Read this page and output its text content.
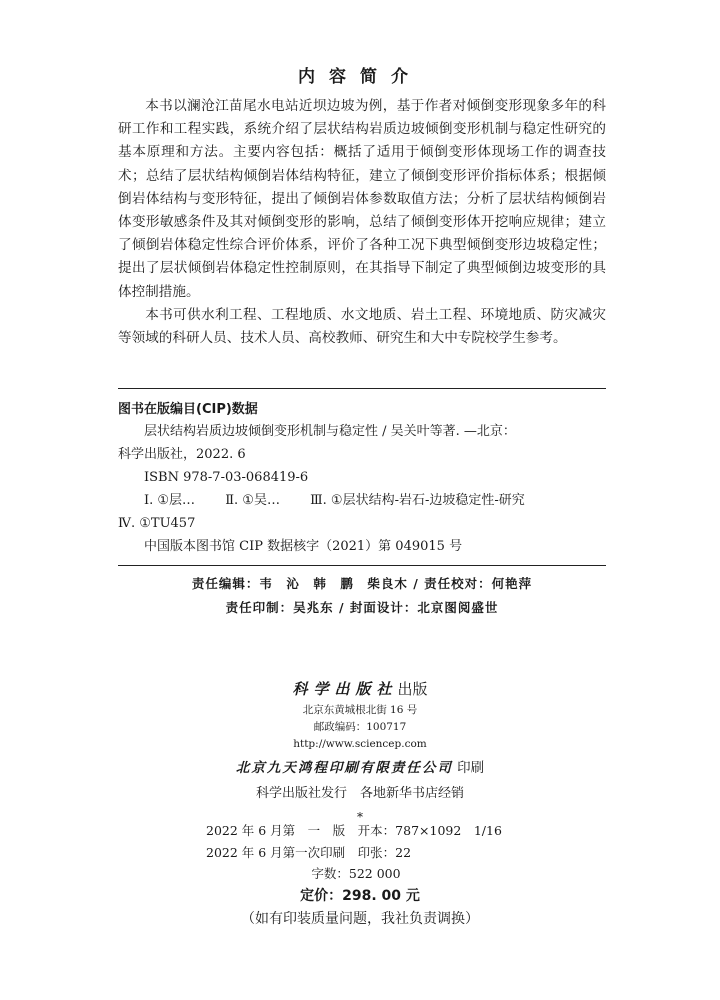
内容简介

本书以澜沧江苗尾水电站近坝边坡为例，基于作者对倾倒变形现象多年的科研工作和工程实践，系统介绍了层状结构岩质边坡倾倒变形机制与稳定性研究的基本原理和方法。主要内容包括：概括了适用于倾倒变形体现场工作的调查技术；总结了层状结构倾倒岩体结构特征，建立了倾倒变形评价指标体系；根据倾倒岩体结构与变形特征，提出了倾倒岩体参数取值方法；分析了层状结构倾倒岩体变形敏感条件及其对倾倒变形的影响，总结了倾倒变形体开挖响应规律；建立了倾倒岩体稳定性综合评价体系，评价了各种工况下典型倾倒变形边坡稳定性；提出了层状倾倒岩体稳定性控制原则，在其指导下制定了典型倾倒边坡变形的具体控制措施。

本书可供水利工程、工程地质、水文地质、岩土工程、环境地质、防灾减灾等领域的科研人员、技术人员、高校教师、研究生和大中专院校学生参考。

图书在版编目(CIP)数据
层状结构岩质边坡倾倒变形机制与稳定性 / 吴关叶等著. —北京：
科学出版社，2022. 6
ISBN 978-7-03-068419-6
Ⅰ. ①层… Ⅱ. ①吴… Ⅲ. ①层状结构-岩石-边坡稳定性-研究
Ⅳ. ①TU457
中国版本图书馆 CIP 数据核字（2021）第 049015 号
责任编辑：韦　沁　韩　鹏　柴良木 / 责任校对：何艳萍
责任印制：吴兆东 / 封面设计：北京图阅盛世
科学出版社出版
北京东黄城根北街 16 号
邮政编码：100717
http://www.sciencep.com
北京九天鸿程印刷有限责任公司 印刷
科学出版社发行　各地新华书店经销
*
2022 年 6 月第　一　版　开本：787×1092　1/16
2022 年 6 月第一次印刷　印张：22
字数：522 000
定价：298. 00 元
（如有印装质量问题，我社负责调换）
